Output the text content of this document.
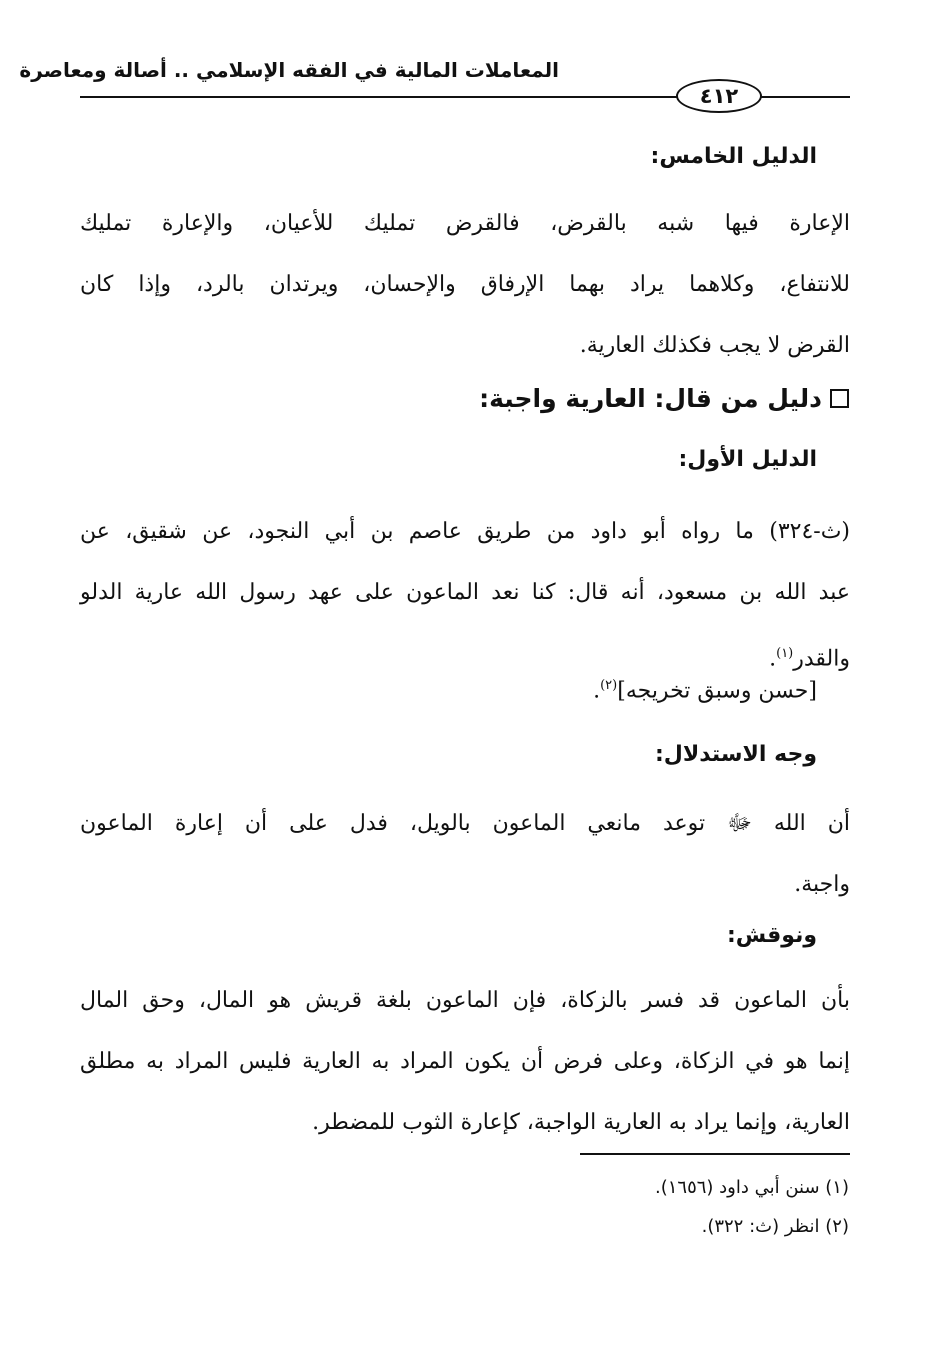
المعاملات المالية في الفقه الإسلامي .. أصالة ومعاصرة
٤١٢
الدليل الخامس:
الإعارة فيها شبه بالقرض، فالقرض تمليك للأعيان، والإعارة تمليك
للانتفاع، وكلاهما يراد بهما الإرفاق والإحسان، ويرتدان بالرد، وإذا كان
القرض لا يجب فكذلك العارية.
دليل من قال: العارية واجبة:
الدليل الأول:
(ث-٣٢٤) ما رواه أبو داود من طريق عاصم بن أبي النجود، عن شقيق، عن
عبد الله بن مسعود، أنه قال: كنا نعد الماعون على عهد رسول الله عارية الدلو
والقدر$^{(١)}$.
[حسن وسبق تخريجه]$^{(٢)}$.
وجه الاستدلال:
أن الله ﷻ توعد مانعي الماعون بالويل، فدل على أن إعارة الماعون
واجبة.
ونوقش:
بأن الماعون قد فسر بالزكاة، فإن الماعون بلغة قريش هو المال، وحق المال
إنما هو في الزكاة، وعلى فرض أن يكون المراد به العارية فليس المراد به مطلق
العارية، وإنما يراد به العارية الواجبة، كإعارة الثوب للمضطر.
(١) سنن أبي داود (١٦٥٦).
(٢) انظر (ث: ٣٢٢).
